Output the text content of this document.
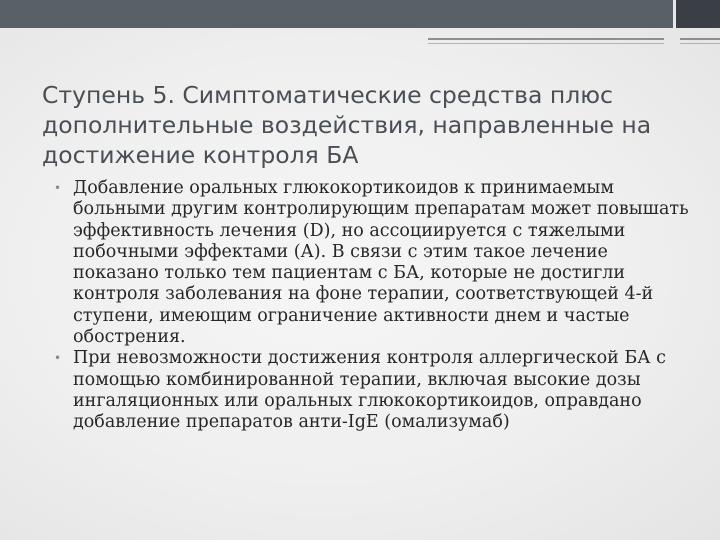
Ступень 5. Симптоматические средства плюс дополнительные воздействия, направленные на достижение контроля БА
• Добавление оральных глюкокортикоидов к принимаемым больными другим контролирующим препаратам может повышать эффективность лечения (D), но ассоциируется с тяжелыми побочными эффектами (А). В связи с этим такое лечение показано только тем пациентам с БА, которые не достигли контроля заболевания на фоне терапии, соответствующей 4-й ступени, имеющим ограничение активности днем и частые обострения.
• При невозможности достижения контроля аллергической БА с помощью комбинированной терапии, включая высокие дозы ингаляционных или оральных глюкокортикоидов, оправдано добавление препаратов анти-IgE (омализумаб)
